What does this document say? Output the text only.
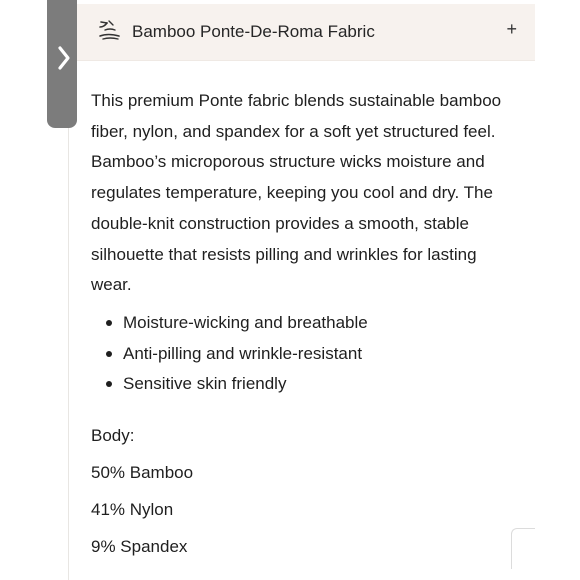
Bamboo Ponte-De-Roma Fabric	+

This premium Ponte fabric blends sustainable bamboo fiber, nylon, and spandex for a soft yet structured feel. Bamboo’s microporous structure wicks moisture and regulates temperature, keeping you cool and dry. The double-knit construction provides a smooth, stable silhouette that resists pilling and wrinkles for lasting wear.

Moisture-wicking and breathable
Anti-pilling and wrinkle-resistant
Sensitive skin friendly
Body:
50% Bamboo
41% Nylon
9% Spandex
